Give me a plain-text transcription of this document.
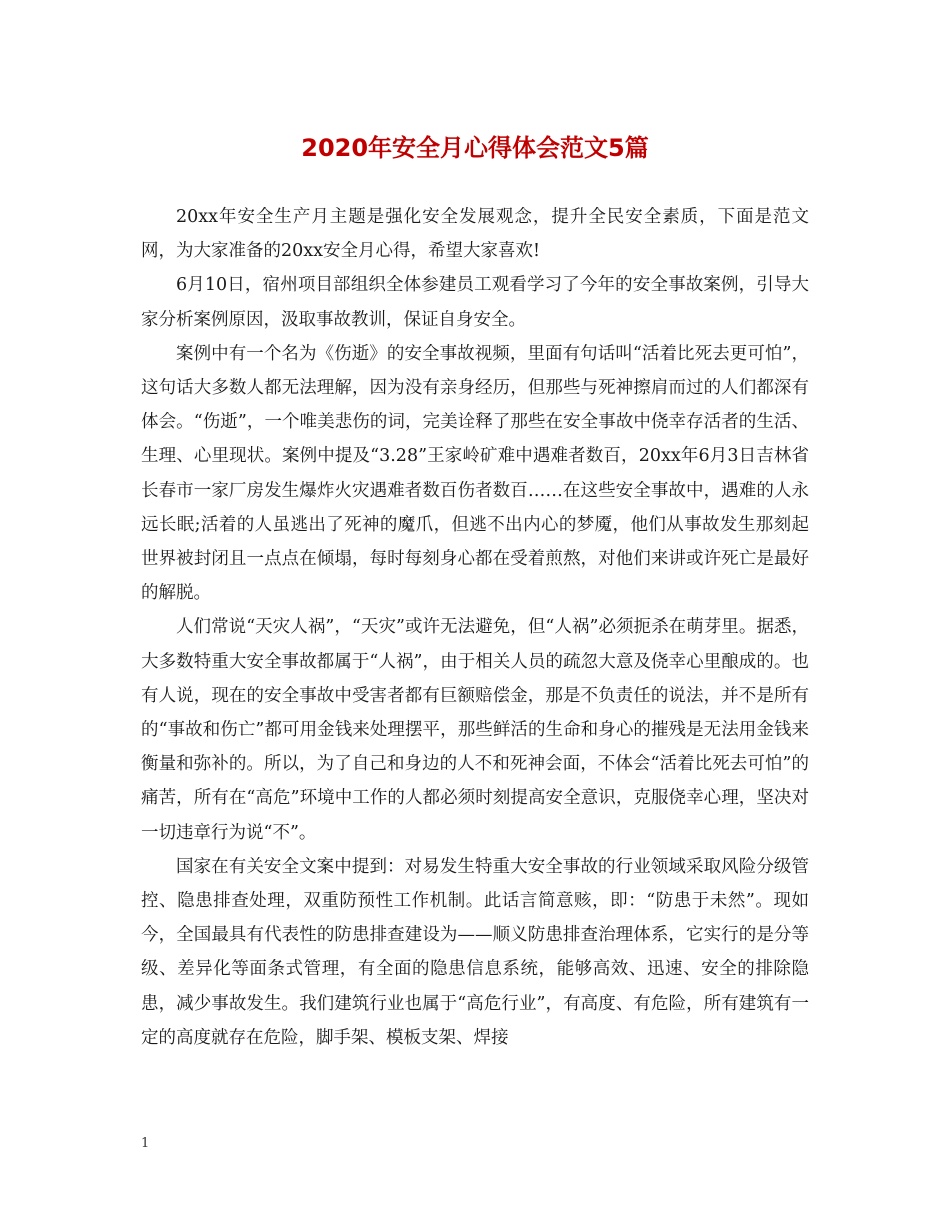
2020年安全月心得体会范文5篇

20xx年安全生产月主题是强化安全发展观念，提升全民安全素质，下面是范文网，为大家准备的20xx安全月心得，希望大家喜欢!

6月10日，宿州项目部组织全体参建员工观看学习了今年的安全事故案例，引导大家分析案例原因，汲取事故教训，保证自身安全。

案例中有一个名为《伤逝》的安全事故视频，里面有句话叫“活着比死去更可怕”，这句话大多数人都无法理解，因为没有亲身经历，但那些与死神擦肩而过的人们都深有体会。“伤逝”，一个唯美悲伤的词，完美诠释了那些在安全事故中侥幸存活者的生活、生理、心里现状。案例中提及“3.28”王家岭矿难中遇难者数百，20xx年6月3日吉林省长春市一家厂房发生爆炸火灾遇难者数百伤者数百……在这些安全事故中，遇难的人永远长眠;活着的人虽逃出了死神的魔爪，但逃不出内心的梦魇，他们从事故发生那刻起世界被封闭且一点点在倾塌，每时每刻身心都在受着煎熬，对他们来讲或许死亡是最好的解脱。

人们常说“天灾人祸”，“天灾”或许无法避免，但“人祸”必须扼杀在萌芽里。据悉，大多数特重大安全事故都属于“人祸”，由于相关人员的疏忽大意及侥幸心里酿成的。也有人说，现在的安全事故中受害者都有巨额赔偿金，那是不负责任的说法，并不是所有的“事故和伤亡”都可用金钱来处理摆平，那些鲜活的生命和身心的摧残是无法用金钱来衡量和弥补的。所以，为了自己和身边的人不和死神会面，不体会“活着比死去可怕”的痛苦，所有在“高危”环境中工作的人都必须时刻提高安全意识，克服侥幸心理，坚决对一切违章行为说“不”。

国家在有关安全文案中提到：对易发生特重大安全事故的行业领域采取风险分级管控、隐患排查处理，双重防预性工作机制。此话言简意赅，即：“防患于未然”。现如今，全国最具有代表性的防患排查建设为——顺义防患排查治理体系，它实行的是分等级、差异化等面条式管理，有全面的隐患信息系统，能够高效、迅速、安全的排除隐患，减少事故发生。我们建筑行业也属于“高危行业”，有高度、有危险，所有建筑有一定的高度就存在危险，脚手架、模板支架、焊接

1
